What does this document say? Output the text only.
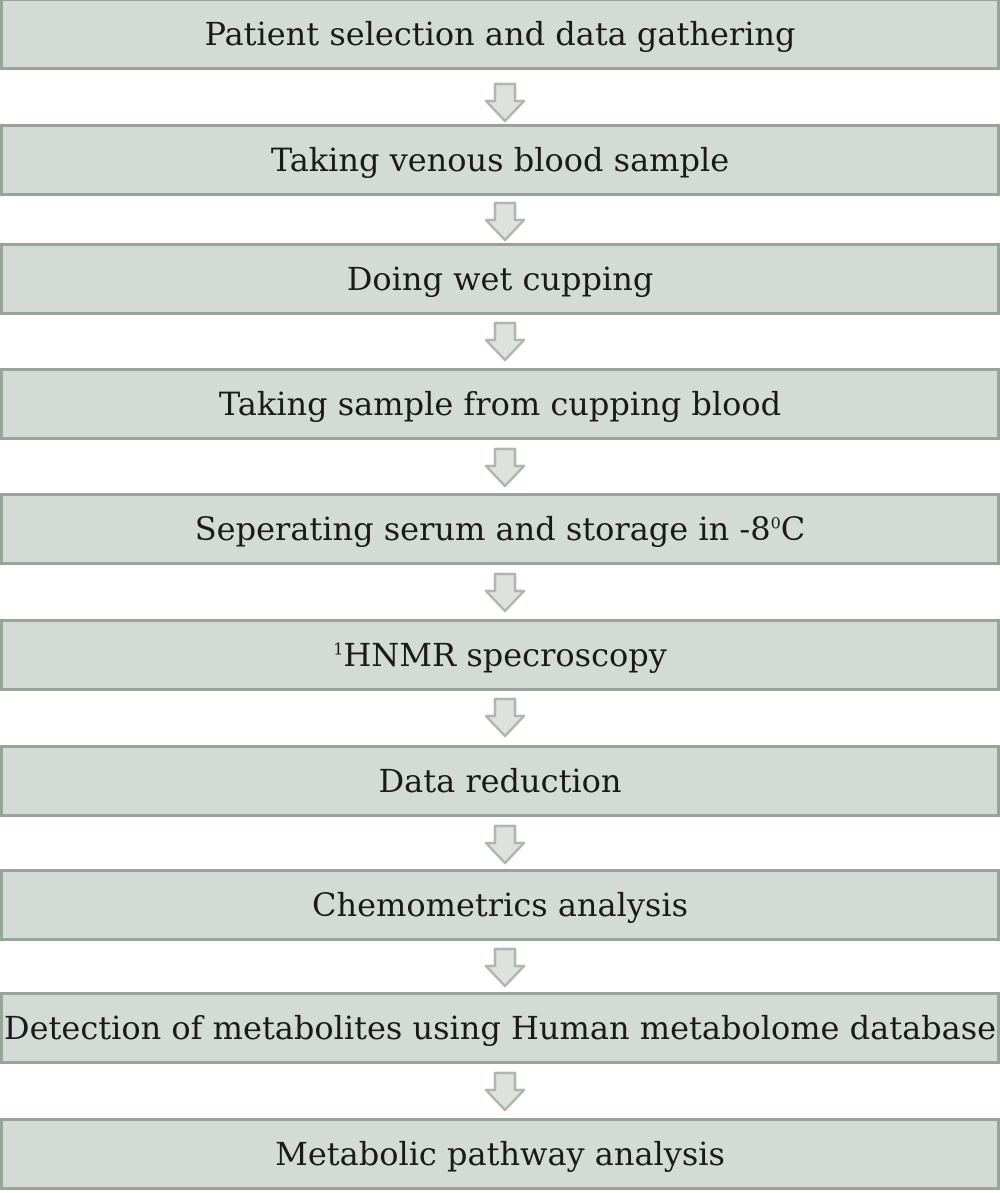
Patient selection and data gathering
Taking venous blood sample
Doing wet cupping
Taking sample from cupping blood
Seperating serum and storage in $-8^0C$
$^1$HNMR specroscopy
Data reduction
Chemometrics analysis
Detection of metabolites using Human metabolome database
Metabolic pathway analysis
